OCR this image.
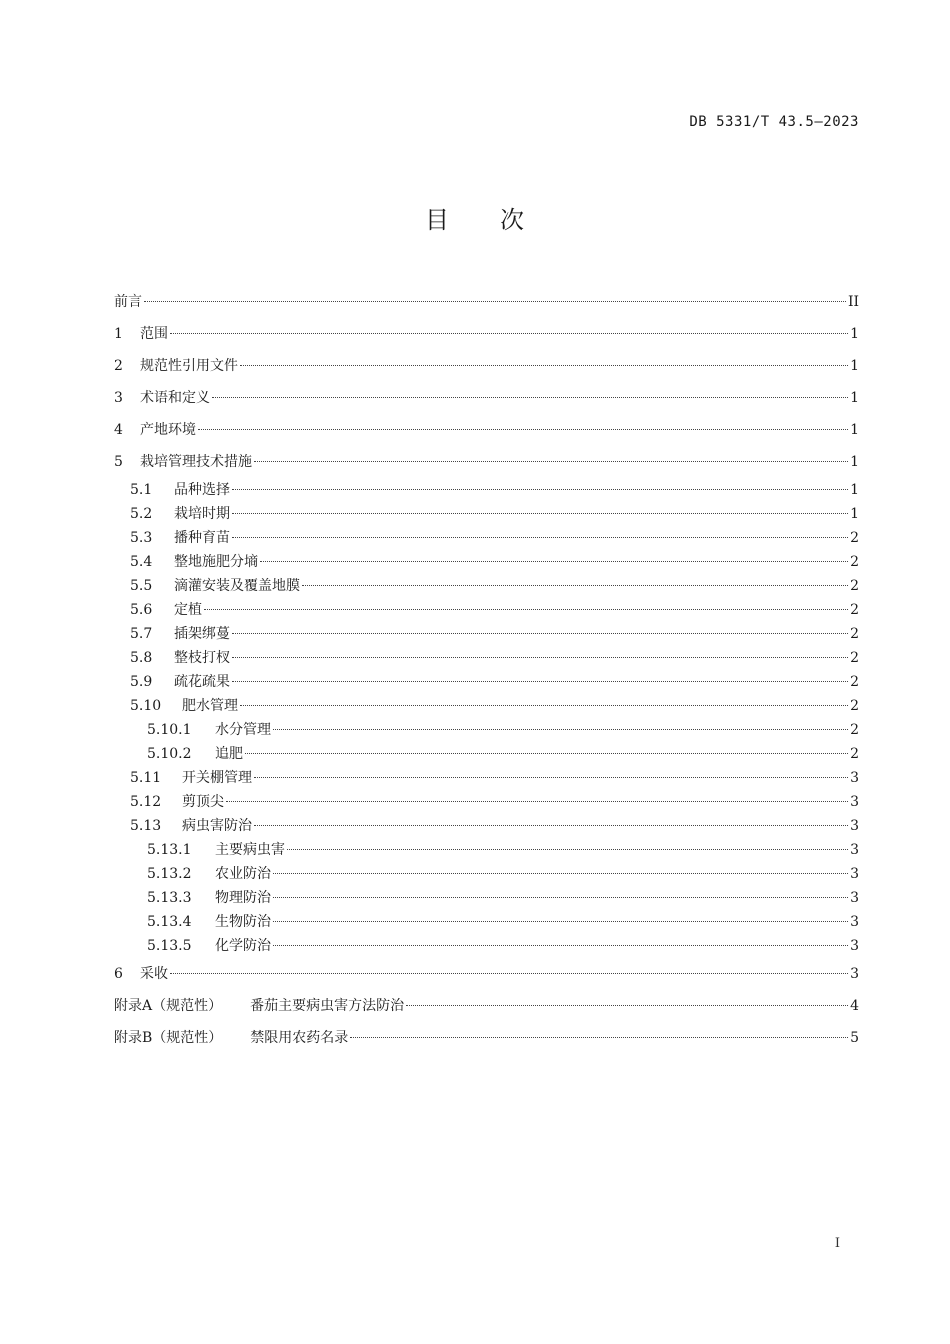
DB 5331/T 43.5—2023
目　　次
前言	II
1	范围	1
2	规范性引用文件	1
3	术语和定义	1
4	产地环境	1
5	栽培管理技术措施	1
5.1	品种选择	1
5.2	栽培时期	1
5.3	播种育苗	2
5.4	整地施肥分墒	2
5.5	滴灌安装及覆盖地膜	2
5.6	定植	2
5.7	插架绑蔓	2
5.8	整枝打杈	2
5.9	疏花疏果	2
5.10	肥水管理	2
5.10.1	水分管理	2
5.10.2	追肥	2
5.11	开关棚管理	3
5.12	剪顶尖	3
5.13	病虫害防治	3
5.13.1	主要病虫害	3
5.13.2	农业防治	3
5.13.3	物理防治	3
5.13.4	生物防治	3
5.13.5	化学防治	3
6	采收	3
附录A（规范性） 番茄主要病虫害方法防治	4
附录B（规范性） 禁限用农药名录	5
I
